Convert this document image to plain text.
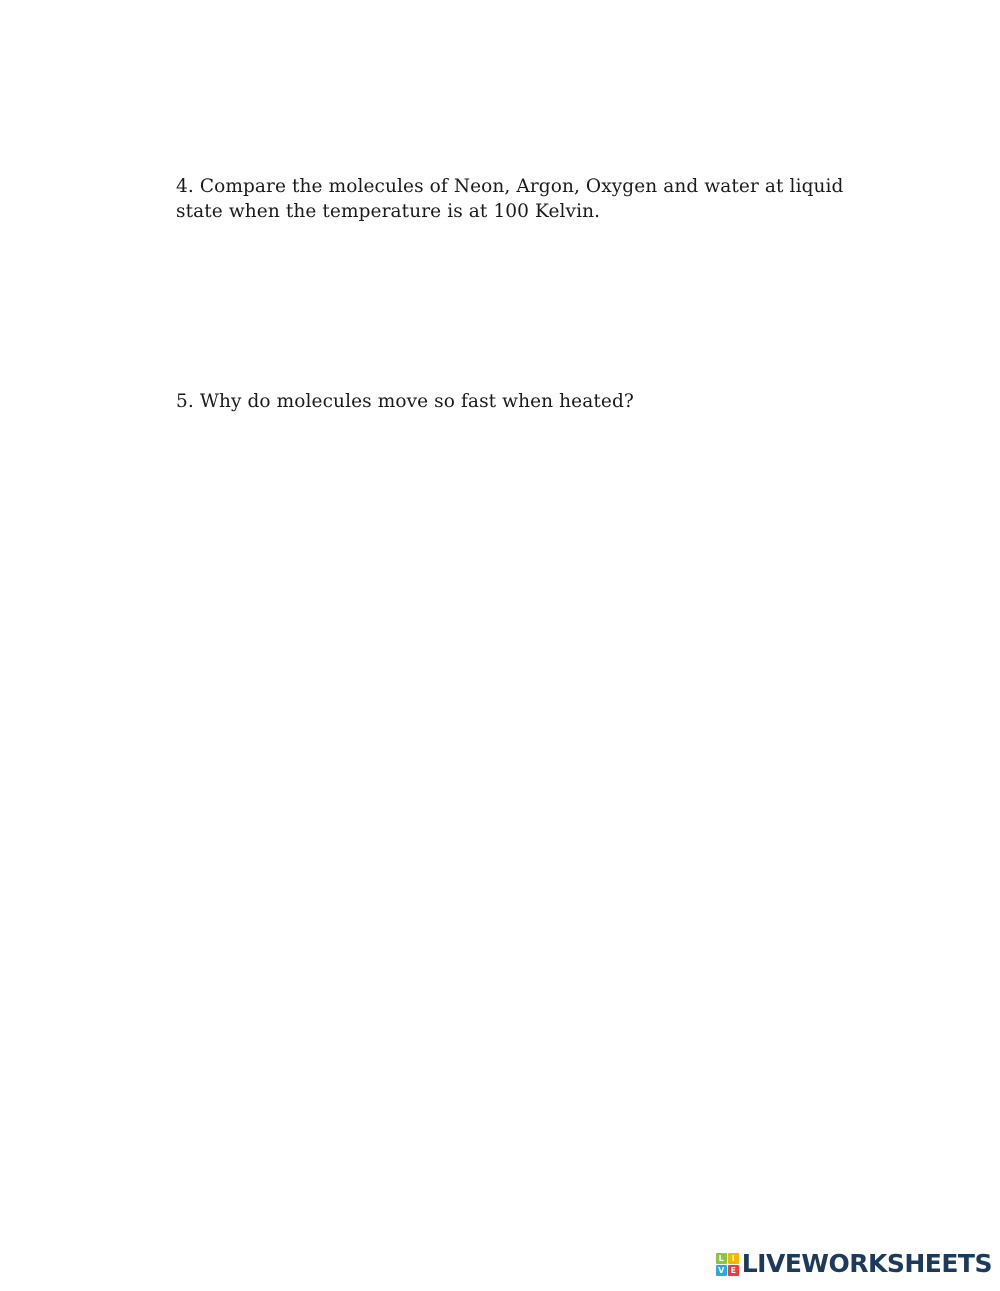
4. Compare the molecules of Neon, Argon, Oxygen and water at liquid state when the temperature is at 100 Kelvin.

5. Why do molecules move so fast when heated?

L I
V E LIVEWORKSHEETS
